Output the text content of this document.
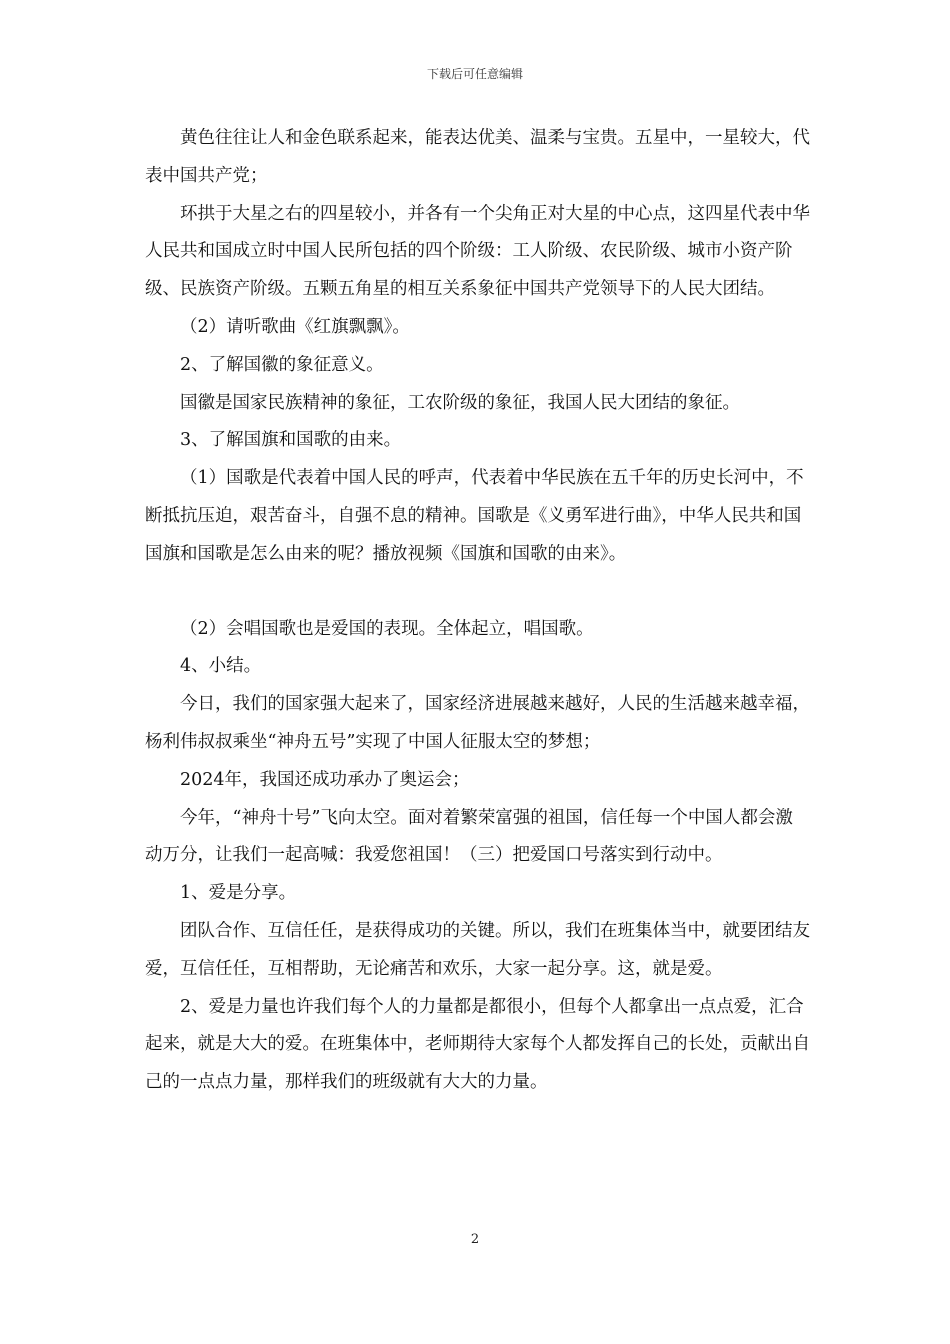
下载后可任意编辑

黄色往往让人和金色联系起来，能表达优美、温柔与宝贵。五星中，一星较大，代表中国共产党；

环拱于大星之右的四星较小，并各有一个尖角正对大星的中心点，这四星代表中华人民共和国成立时中国人民所包括的四个阶级：工人阶级、农民阶级、城市小资产阶级、民族资产阶级。五颗五角星的相互关系象征中国共产党领导下的人民大团结。

（2）请听歌曲《红旗飘飘》。

2、了解国徽的象征意义。

国徽是国家民族精神的象征，工农阶级的象征，我国人民大团结的象征。

3、了解国旗和国歌的由来。

（1）国歌是代表着中国人民的呼声，代表着中华民族在五千年的历史长河中，不断抵抗压迫，艰苦奋斗，自强不息的精神。国歌是《义勇军进行曲》，中华人民共和国国旗和国歌是怎么由来的呢？播放视频《国旗和国歌的由来》。

（2）会唱国歌也是爱国的表现。全体起立，唱国歌。

4、小结。

今日，我们的国家强大起来了，国家经济进展越来越好，人民的生活越来越幸福，杨利伟叔叔乘坐“神舟五号”实现了中国人征服太空的梦想；

2024年，我国还成功承办了奥运会；

今年，“神舟十号”飞向太空。面对着繁荣富强的祖国，信任每一个中国人都会激动万分，让我们一起高喊：我爱您祖国！（三）把爱国口号落实到行动中。

1、爱是分享。

团队合作、互信任任，是获得成功的关键。所以，我们在班集体当中，就要团结友爱，互信任任，互相帮助，无论痛苦和欢乐，大家一起分享。这，就是爱。

2、爱是力量也许我们每个人的力量都是都很小，但每个人都拿出一点点爱，汇合起来，就是大大的爱。在班集体中，老师期待大家每个人都发挥自己的长处，贡献出自己的一点点力量，那样我们的班级就有大大的力量。

2
